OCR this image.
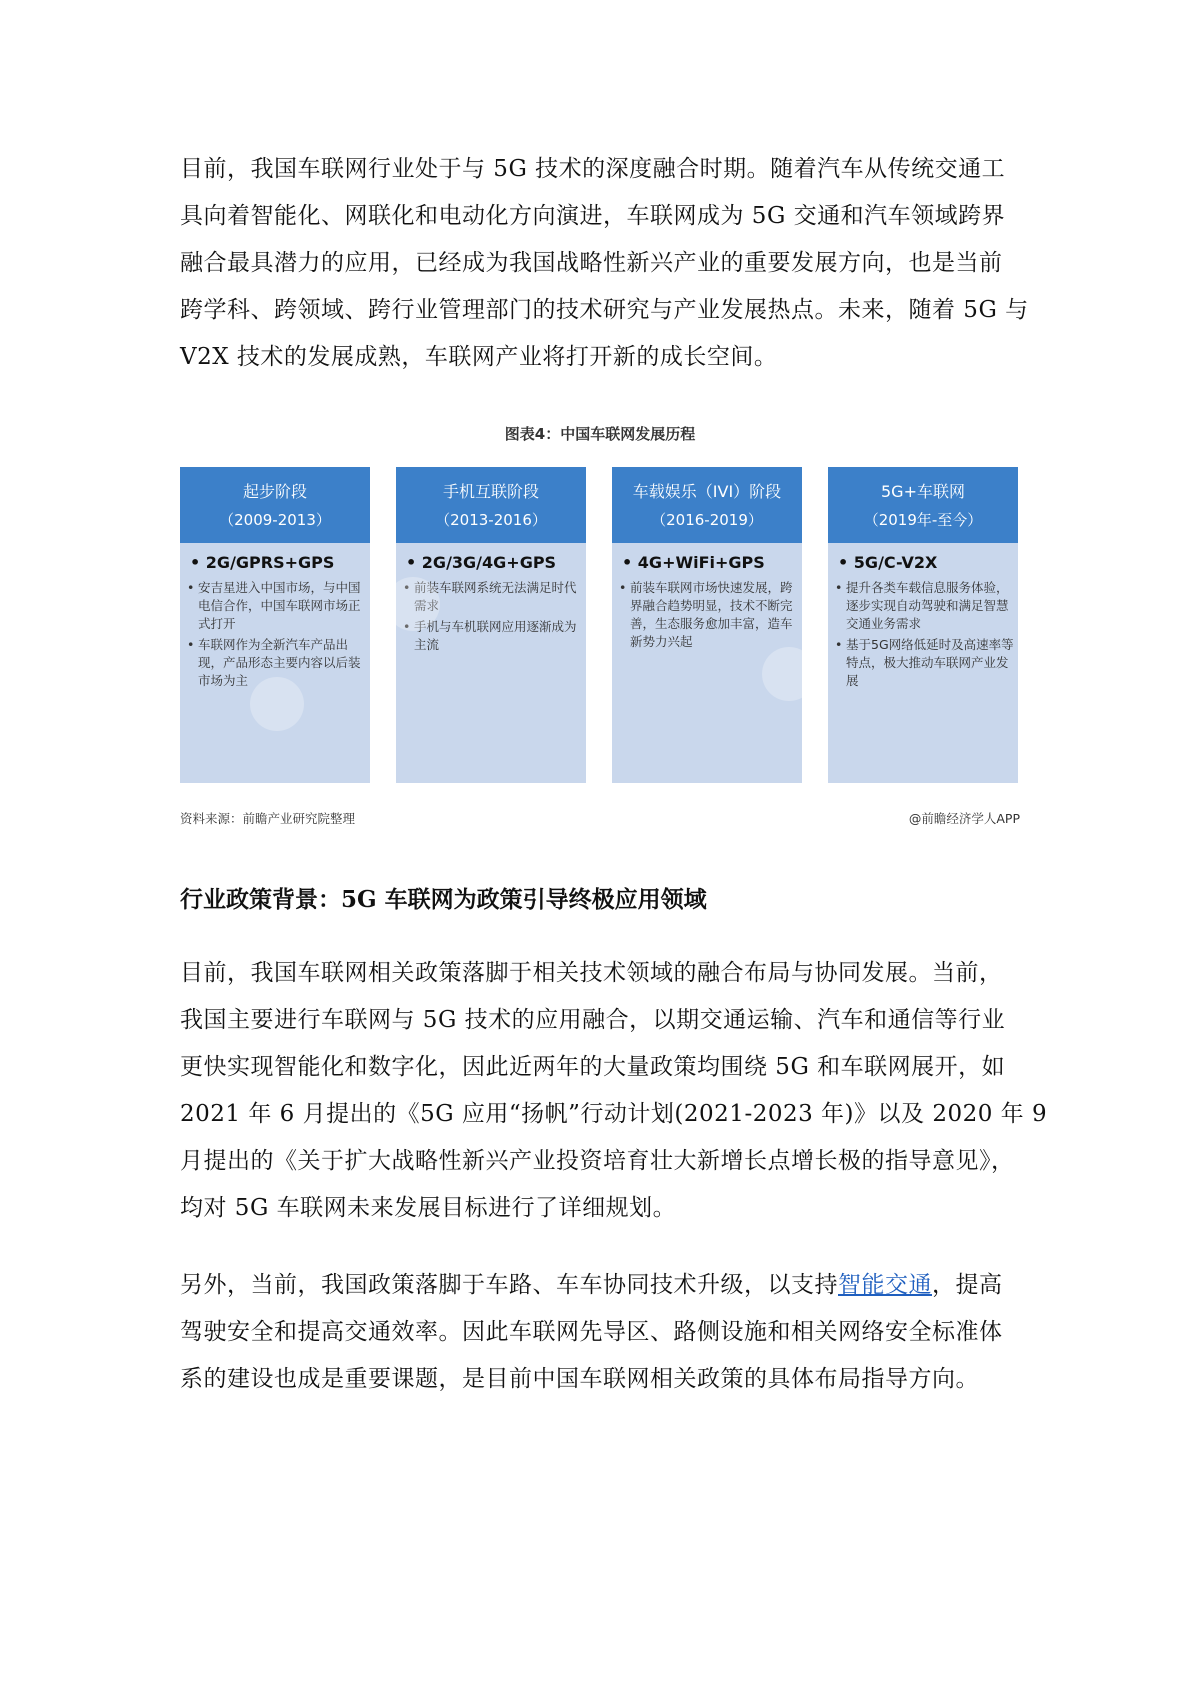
目前，我国车联网行业处于与 5G 技术的深度融合时期。随着汽车从传统交通工
具向着智能化、网联化和电动化方向演进，车联网成为 5G 交通和汽车领域跨界
融合最具潜力的应用，已经成为我国战略性新兴产业的重要发展方向，也是当前
跨学科、跨领域、跨行业管理部门的技术研究与产业发展热点。未来，随着 5G 与
V2X 技术的发展成熟，车联网产业将打开新的成长空间。

图表4：中国车联网发展历程
起步阶段
（2009-2013）
• 2G/GPRS+GPS
• 安吉星进入中国市场，与中国电信合作，中国车联网市场正式打开
• 车联网作为全新汽车产品出现，产品形态主要内容以后装市场为主
手机互联阶段
（2013-2016）
• 2G/3G/4G+GPS
• 前装车联网系统无法满足时代需求
• 手机与车机联网应用逐渐成为主流
车载娱乐（IVI）阶段
（2016-2019）
• 4G+WiFi+GPS
• 前装车联网市场快速发展，跨界融合趋势明显，技术不断完善，生态服务愈加丰富，造车新势力兴起
5G+车联网
（2019年-至今）
• 5G/C-V2X
• 提升各类车载信息服务体验，逐步实现自动驾驶和满足智慧交通业务需求
• 基于5G网络低延时及高速率等特点，极大推动车联网产业发展
资料来源：前瞻产业研究院整理	@前瞻经济学人APP
行业政策背景：5G 车联网为政策引导终极应用领域

目前，我国车联网相关政策落脚于相关技术领域的融合布局与协同发展。当前，
我国主要进行车联网与 5G 技术的应用融合，以期交通运输、汽车和通信等行业
更快实现智能化和数字化，因此近两年的大量政策均围绕 5G 和车联网展开，如
2021 年 6 月提出的《5G 应用“扬帆”行动计划(2021-2023 年)》以及 2020 年 9
月提出的《关于扩大战略性新兴产业投资培育壮大新增长点增长极的指导意见》，
均对 5G 车联网未来发展目标进行了详细规划。

另外，当前，我国政策落脚于车路、车车协同技术升级，以支持智能交通，提高
驾驶安全和提高交通效率。因此车联网先导区、路侧设施和相关网络安全标准体
系的建设也成是重要课题，是目前中国车联网相关政策的具体布局指导方向。
